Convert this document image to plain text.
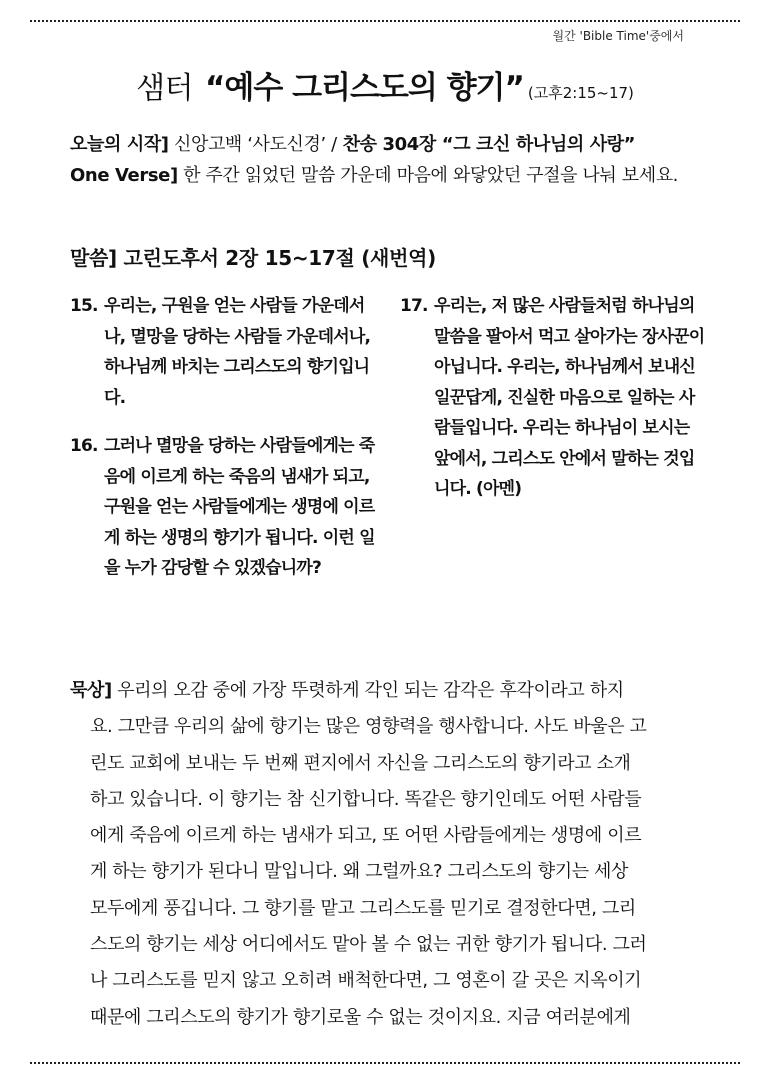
월간 'Bible Time'중에서
샘터 “예수 그리스도의 향기” (고후2:15~17)
오늘의 시작] 신앙고백 ‘사도신경’ / 찬송 304장 “그 크신 하나님의 사랑”
One Verse] 한 주간 읽었던 말씀 가운데 마음에 와닿았던 구절을 나눠 보세요.
말씀] 고린도후서 2장 15~17절 (새번역)
15. 우리는, 구원을 얻는 사람들 가운데서나, 멸망을 당하는 사람들 가운데서나, 하나님께 바치는 그리스도의 향기입니다.
16. 그러나 멸망을 당하는 사람들에게는 죽음에 이르게 하는 죽음의 냄새가 되고, 구원을 얻는 사람들에게는 생명에 이르게 하는 생명의 향기가 됩니다. 이런 일을 누가 감당할 수 있겠습니까?
17. 우리는, 저 많은 사람들처럼 하나님의 말씀을 팔아서 먹고 살아가는 장사꾼이 아닙니다. 우리는, 하나님께서 보내신 일꾼답게, 진실한 마음으로 일하는 사람들입니다. 우리는 하나님이 보시는 앞에서, 그리스도 안에서 말하는 것입니다. (아멘)
묵상] 우리의 오감 중에 가장 뚜렷하게 각인 되는 감각은 후각이라고 하지
요. 그만큼 우리의 삶에 향기는 많은 영향력을 행사합니다. 사도 바울은 고
린도 교회에 보내는 두 번째 편지에서 자신을 그리스도의 향기라고 소개
하고 있습니다. 이 향기는 참 신기합니다. 똑같은 향기인데도 어떤 사람들
에게 죽음에 이르게 하는 냄새가 되고, 또 어떤 사람들에게는 생명에 이르
게 하는 향기가 된다니 말입니다. 왜 그럴까요? 그리스도의 향기는 세상
모두에게 풍깁니다. 그 향기를 맡고 그리스도를 믿기로 결정한다면, 그리
스도의 향기는 세상 어디에서도 맡아 볼 수 없는 귀한 향기가 됩니다. 그러
나 그리스도를 믿지 않고 오히려 배척한다면, 그 영혼이 갈 곳은 지옥이기
때문에 그리스도의 향기가 향기로울 수 없는 것이지요. 지금 여러분에게
